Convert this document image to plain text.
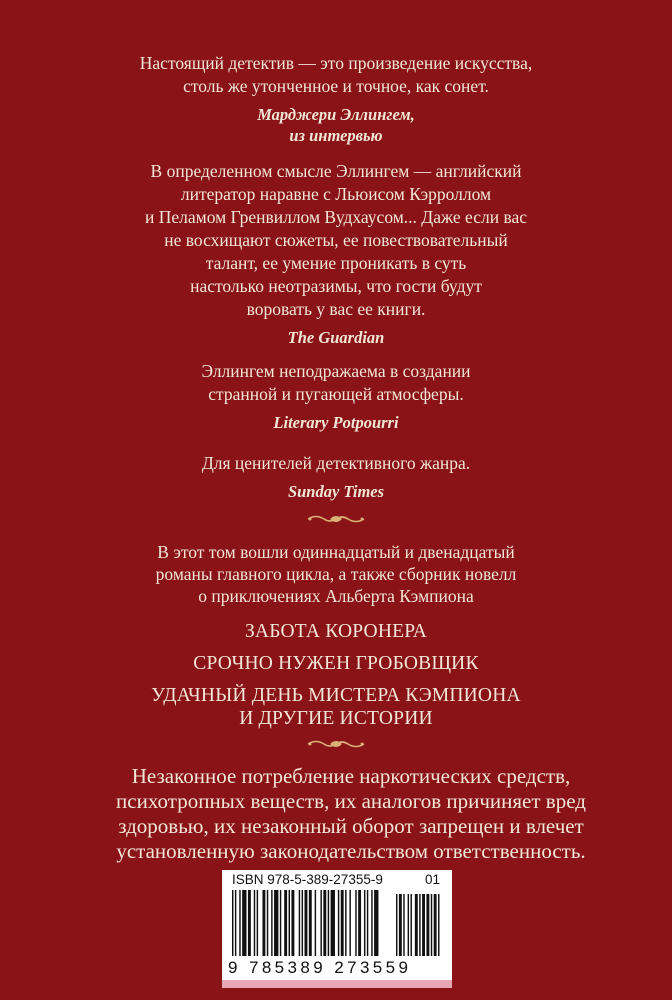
Настоящий детектив — это произведение искусства,

столь же утонченное и точное, как сонет.

Марджери Эллингем,

из интервью

В определенном смысле Эллингем — английский

литератор наравне с Льюисом Кэрроллом

и Пеламом Гренвиллом Вудхаусом... Даже если вас

не восхищают сюжеты, ее повествовательный

талант, ее умение проникать в суть

настолько неотразимы, что гости будут

воровать у вас ее книги.

The Guardian

Эллингем неподражаема в создании

странной и пугающей атмосферы.

Literary Potpourri

Для ценителей детективного жанра.

Sunday Times

В этот том вошли одиннадцатый и двенадцатый

романы главного цикла, а также сборник новелл

о приключениях Альберта Кэмпиона

ЗАБОТА КОРОНЕРА

СРОЧНО НУЖЕН ГРОБОВЩИК

УДАЧНЫЙ ДЕНЬ МИСТЕРА КЭМПИОНА

И ДРУГИЕ ИСТОРИИ

Незаконное потребление наркотических средств,

психотропных веществ, их аналогов причиняет вред

здоровью, их незаконный оборот запрещен и влечет

установленную законодательством ответственность.

ISBN 978-5-389-27355-9	01
9 785389 273559
